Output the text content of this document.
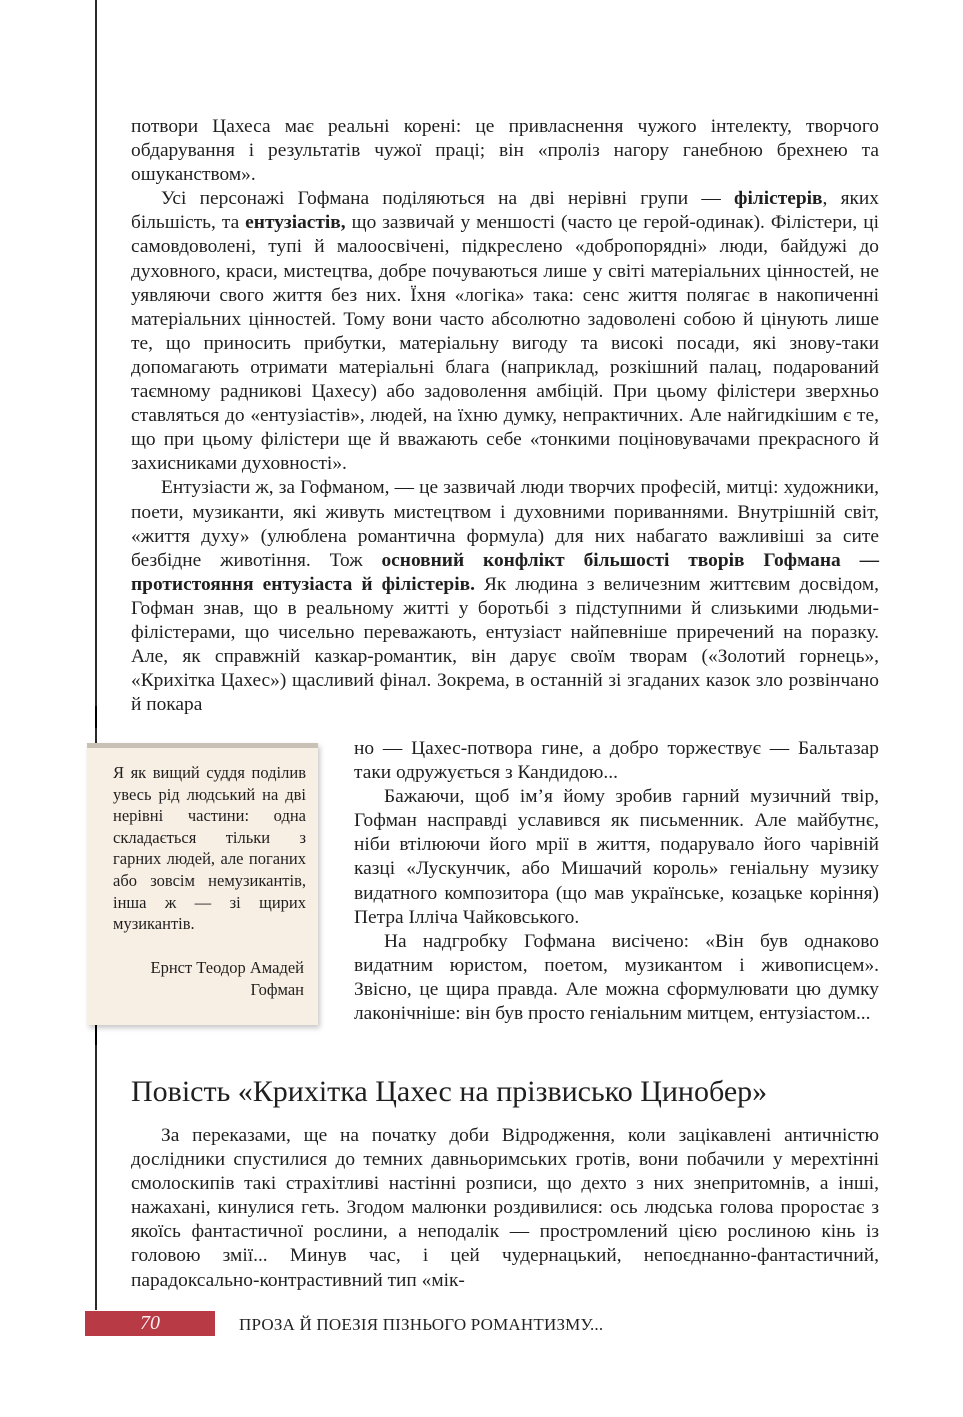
потвори Цахеса має реальні корені: це привласнення чужого інтелекту, творчого обдарування і результатів чужої праці; він «проліз нагору ганебною брехнею та ошуканством».

Усі персонажі Гофмана поділяються на дві нерівні групи — філістерів, яких більшість, та ентузіастів, що зазвичай у меншості (часто це герой-одинак). Філістери, ці самовдоволені, тупі й малоосвічені, підкреслено «добропорядні» люди, байдужі до духовного, краси, мистецтва, добре почуваються лише у світі матеріальних цінностей, не уявляючи свого життя без них. Їхня «логіка» така: сенс життя полягає в накопиченні матеріальних цінностей. Тому вони часто абсолютно задоволені собою й цінують лише те, що приносить прибутки, матеріальну вигоду та високі посади, які знову-таки допомагають отримати матеріальні блага (наприклад, розкішний палац, подарований таємному радникові Цахесу) або задоволення амбіцій. При цьому філістери зверхньо ставляться до «ентузіастів», людей, на їхню думку, непрактичних. Але найгидкішим є те, що при цьому філістери ще й вважають себе «тонкими поціновувачами прекрасного й захисниками духовності».

Ентузіасти ж, за Гофманом, — це зазвичай люди творчих професій, митці: художники, поети, музиканти, які живуть мистецтвом і духовними пориваннями. Внутрішній світ, «життя духу» (улюблена романтична формула) для них набагато важливіші за сите безбідне животіння. Тож основний конфлікт більшості творів Гофмана — протистояння ентузіаста й філістерів. Як людина з величезним життєвим досвідом, Гофман знав, що в реальному житті у боротьбі з підступними й слизькими людьми-філістерами, що чисельно переважають, ентузіаст найпевніше приречений на поразку. Але, як справжній казкар-романтик, він дарує своїм творам («Золотий горнець», «Крихітка Цахес») щасливий фінал. Зокрема, в останній зі згаданих казок зло розвінчано й покара

Я як вищий суддя поділив увесь рід людський на дві нерівні частини: одна складається тільки з гарних людей, але поганих або зовсім немузикантів, інша ж — зі щирих музикантів.

Ернст Теодор Амадей Гофман

но — Цахес-потвора гине, а добро торжествує — Бальтазар таки одружується з Кандидою...

Бажаючи, щоб ім’я йому зробив гарний музичний твір, Гофман насправді уславився як письменник. Але майбутнє, ніби втілюючи його мрії в життя, подарувало його чарівній казці «Лускунчик, або Мишачий король» геніальну музику видатного композитора (що мав українське, козацьке коріння) Петра Ілліча Чайковського.

На надгробку Гофмана висічено: «Він був однаково видатним юристом, поетом, музикантом і живописцем». Звісно, це щира правда. Але можна сформулювати цю думку лаконічніше: він був просто геніальним митцем, ентузіастом...

Повість «Крихітка Цахес на прізвисько Цинобер»

За переказами, ще на початку доби Відродження, коли зацікавлені античністю дослідники спустилися до темних давньоримських гротів, вони побачили у мерехтінні смолоскипів такі страхітливі настінні розписи, що дехто з них знепритомнів, а інші, нажахані, кинулися геть. Згодом малюнки роздивилися: ось людська голова проростає з якоїсь фантастичної рослини, а неподалік — простромлений цією рослиною кінь із головою змії... Минув час, і цей чудернацький, непоєднанно-фантастичний, парадоксально-контрастивний тип «мік-

70	ПРОЗА Й ПОЕЗІЯ ПІЗНЬОГО РОМАНТИЗМУ...
